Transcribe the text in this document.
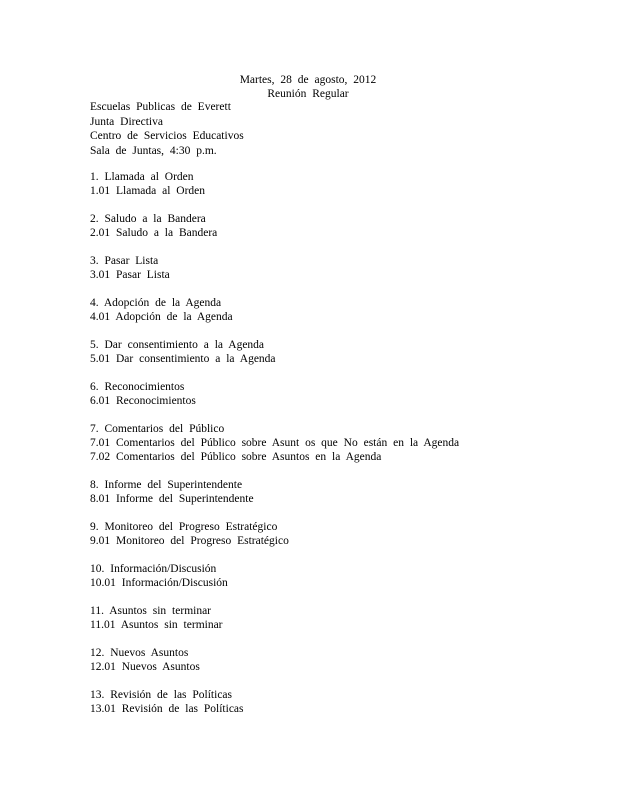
Martes, 28 de agosto, 2012
Reunión Regular
Escuelas Publicas de Everett
Junta Directiva
Centro de Servicios Educativos
Sala de Juntas, 4:30 p.m.
1. Llamada al Orden
1.01 Llamada al Orden
2. Saludo a la Bandera
2.01 Saludo a la Bandera
3. Pasar Lista
3.01 Pasar Lista
4. Adopción de la Agenda
4.01 Adopción de la Agenda
5. Dar consentimiento a la Agenda
5.01 Dar consentimiento a la Agenda
6. Reconocimientos
6.01 Reconocimientos
7. Comentarios del Público
7.01 Comentarios del Público sobre Asunt os que No están en la Agenda
7.02 Comentarios del Público sobre Asuntos en la Agenda
8. Informe del Superintendente
8.01 Informe del Superintendente
9. Monitoreo del Progreso Estratégico
9.01 Monitoreo del Progreso Estratégico
10. Información/Discusión
10.01 Información/Discusión
11. Asuntos sin terminar
11.01 Asuntos sin terminar
12. Nuevos Asuntos
12.01 Nuevos Asuntos
13. Revisión de las Políticas
13.01 Revisión de las Políticas
